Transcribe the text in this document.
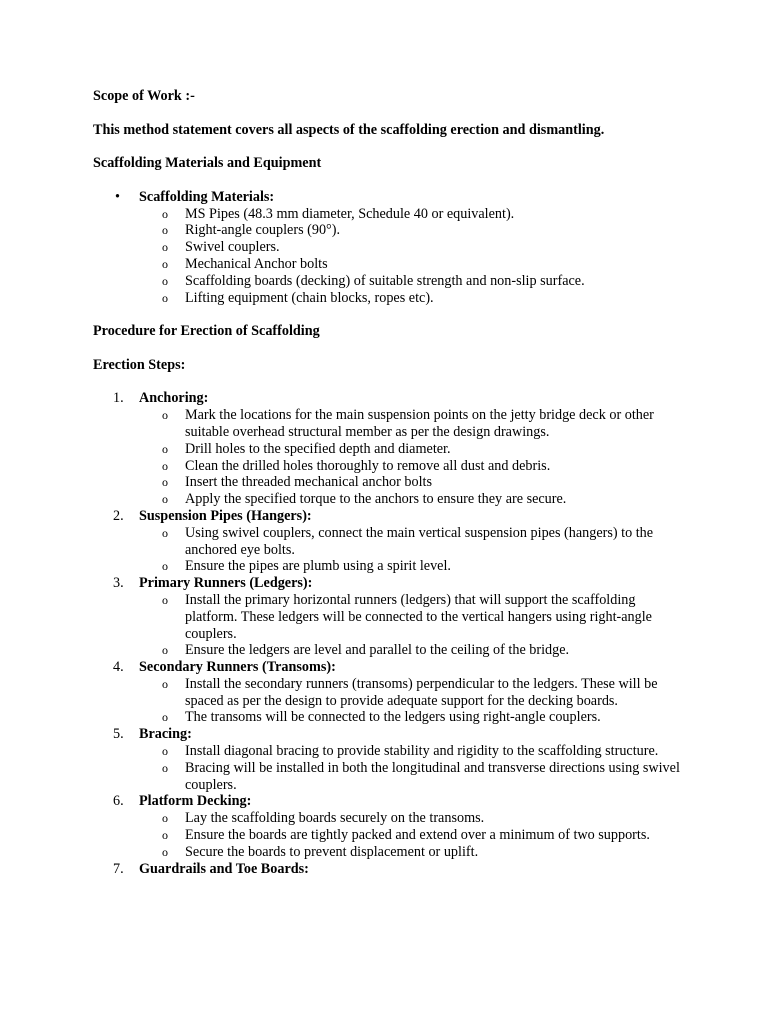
Scope of Work :-

This method statement covers all aspects of the scaffolding erection and dismantling.

Scaffolding Materials and Equipment

•	Scaffolding Materials:
o	MS Pipes (48.3 mm diameter, Schedule 40 or equivalent).
o	Right-angle couplers (90°).
o	Swivel couplers.
o	Mechanical Anchor bolts
o	Scaffolding boards (decking) of suitable strength and non-slip surface.
o	Lifting equipment (chain blocks, ropes etc).

Procedure for Erection of Scaffolding

Erection Steps:

1.	Anchoring:
o	Mark the locations for the main suspension points on the jetty bridge deck or other suitable overhead structural member as per the design drawings.
o	Drill holes to the specified depth and diameter.
o	Clean the drilled holes thoroughly to remove all dust and debris.
o	Insert the threaded mechanical anchor bolts
o	Apply the specified torque to the anchors to ensure they are secure.
2.	Suspension Pipes (Hangers):
o	Using swivel couplers, connect the main vertical suspension pipes (hangers) to the anchored eye bolts.
o	Ensure the pipes are plumb using a spirit level.
3.	Primary Runners (Ledgers):
o	Install the primary horizontal runners (ledgers) that will support the scaffolding platform. These ledgers will be connected to the vertical hangers using right-angle couplers.
o	Ensure the ledgers are level and parallel to the ceiling of the bridge.
4.	Secondary Runners (Transoms):
o	Install the secondary runners (transoms) perpendicular to the ledgers. These will be spaced as per the design to provide adequate support for the decking boards.
o	The transoms will be connected to the ledgers using right-angle couplers.
5.	Bracing:
o	Install diagonal bracing to provide stability and rigidity to the scaffolding structure.
o	Bracing will be installed in both the longitudinal and transverse directions using swivel couplers.
6.	Platform Decking:
o	Lay the scaffolding boards securely on the transoms.
o	Ensure the boards are tightly packed and extend over a minimum of two supports.
o	Secure the boards to prevent displacement or uplift.
7.	Guardrails and Toe Boards:
